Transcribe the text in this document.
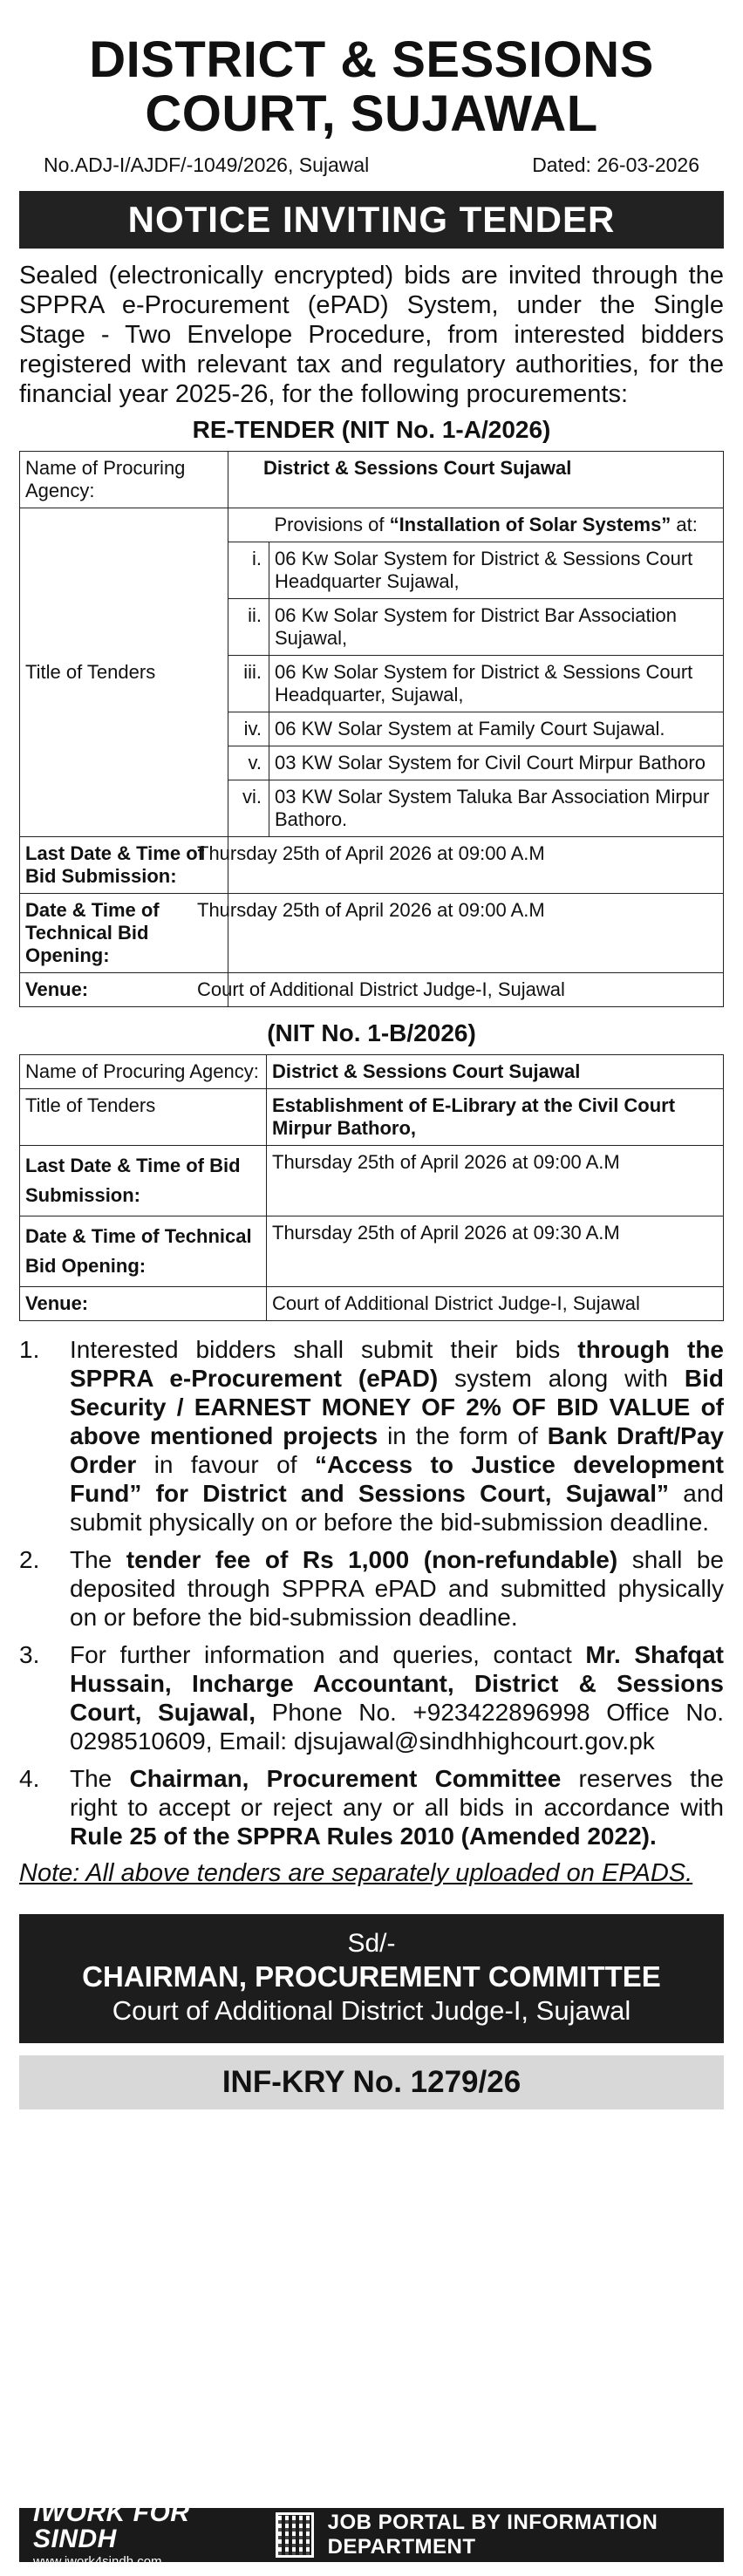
DISTRICT & SESSIONS
COURT, SUJAWAL
No.ADJ-I/AJDF/-1049/2026, Sujawal	Dated: 26-03-2026
NOTICE INVITING TENDER
Sealed (electronically encrypted) bids are invited through the SPPRA e-Procurement (ePAD) System, under the Single Stage - Two Envelope Procedure, from interested bidders registered with relevant tax and regulatory authorities, for the financial year 2025-26, for the following procurements:
RE-TENDER (NIT No. 1-A/2026)
Name of Procuring Agency:	District & Sessions Court Sujawal	
Title of Tenders		Provisions of “Installation of Solar Systems” at:
	i.	06 Kw Solar System for District & Sessions Court Headquarter Sujawal,
	ii.	06 Kw Solar System for District Bar Association Sujawal,
	iii.	06 Kw Solar System for District & Sessions Court Headquarter, Sujawal,
	iv.	06 KW Solar System at Family Court Sujawal.
	v.	03 KW Solar System for Civil Court Mirpur Bathoro
	vi.	03 KW Solar System Taluka Bar Association Mirpur Bathoro.
Last Date & Time of Bid Submission:	Thursday 25th of April 2026 at 09:00 A.M	
Date & Time of Technical Bid Opening:	Thursday 25th of April 2026 at 09:00 A.M	
Venue:	Court of Additional District Judge-I, Sujawal	
(NIT No. 1-B/2026)
Name of Procuring Agency:	District & Sessions Court Sujawal
Title of Tenders	Establishment of E-Library at the Civil Court Mirpur Bathoro,
Last Date & Time of Bid Submission:	Thursday 25th of April 2026 at 09:00 A.M
Date & Time of Technical Bid Opening:	Thursday 25th of April 2026 at 09:30 A.M
Venue:	Court of Additional District Judge-I, Sujawal
1.	Interested bidders shall submit their bids through the SPPRA e-Procurement (ePAD) system along with Bid Security / EARNEST MONEY OF 2% OF BID VALUE of above mentioned projects in the form of Bank Draft/Pay Order in favour of “Access to Justice development Fund” for District and Sessions Court, Sujawal” and submit physically on or before the bid-submission deadline.
2.	The tender fee of Rs 1,000 (non-refundable) shall be deposited through SPPRA ePAD and submitted physically on or before the bid-submission deadline.
3.	For further information and queries, contact Mr. Shafqat Hussain, Incharge Accountant, District & Sessions Court, Sujawal, Phone No. +923422896998 Office No. 0298510609, Email: djsujawal@sindhhighcourt.gov.pk
4.	The Chairman, Procurement Committee reserves the right to accept or reject any or all bids in accordance with Rule 25 of the SPPRA Rules 2010 (Amended 2022).
Note: All above tenders are separately uploaded on EPADS.
Sd/-
CHAIRMAN, PROCUREMENT COMMITTEE
Court of Additional District Judge-I, Sujawal
INF-KRY No. 1279/26
iWORK FOR SINDH
www.iwork4sindh.com
JOB PORTAL BY INFORMATION DEPARTMENT
